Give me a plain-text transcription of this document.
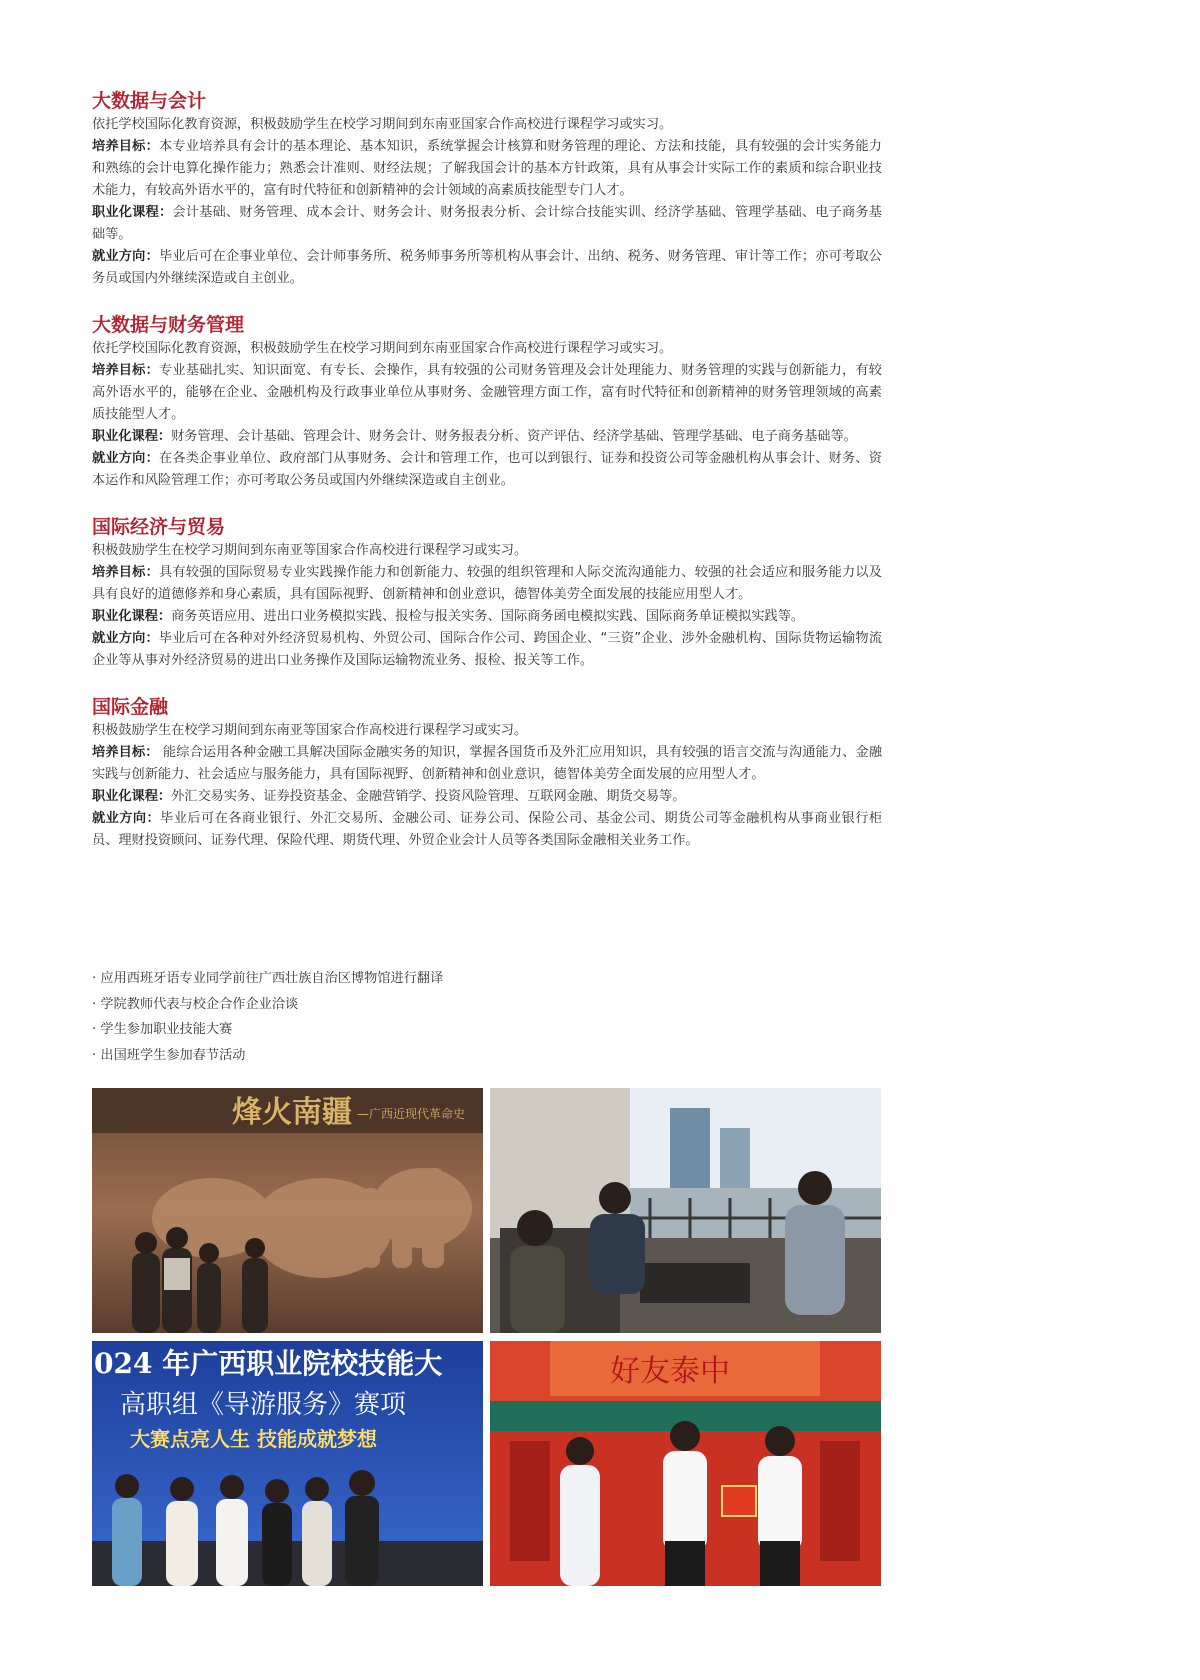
大数据与会计

依托学校国际化教育资源，积极鼓励学生在校学习期间到东南亚国家合作高校进行课程学习或实习。

培养目标：本专业培养具有会计的基本理论、基本知识，系统掌握会计核算和财务管理的理论、方法和技能，具有较强的会计实务能力和熟练的会计电算化操作能力；熟悉会计准则、财经法规；了解我国会计的基本方针政策，具有从事会计实际工作的素质和综合职业技术能力，有较高外语水平的，富有时代特征和创新精神的会计领域的高素质技能型专门人才。

职业化课程：会计基础、财务管理、成本会计、财务会计、财务报表分析、会计综合技能实训、经济学基础、管理学基础、电子商务基础等。

就业方向：毕业后可在企事业单位、会计师事务所、税务师事务所等机构从事会计、出纳、税务、财务管理、审计等工作；亦可考取公务员或国内外继续深造或自主创业。

大数据与财务管理

依托学校国际化教育资源，积极鼓励学生在校学习期间到东南亚国家合作高校进行课程学习或实习。

培养目标：专业基础扎实、知识面宽、有专长、会操作，具有较强的公司财务管理及会计处理能力、财务管理的实践与创新能力，有较高外语水平的，能够在企业、金融机构及行政事业单位从事财务、金融管理方面工作，富有时代特征和创新精神的财务管理领域的高素质技能型人才。

职业化课程：财务管理、会计基础、管理会计、财务会计、财务报表分析、资产评估、经济学基础、管理学基础、电子商务基础等。

就业方向：在各类企事业单位、政府部门从事财务、会计和管理工作，也可以到银行、证券和投资公司等金融机构从事会计、财务、资本运作和风险管理工作；亦可考取公务员或国内外继续深造或自主创业。

国际经济与贸易

积极鼓励学生在校学习期间到东南亚等国家合作高校进行课程学习或实习。

培养目标：具有较强的国际贸易专业实践操作能力和创新能力、较强的组织管理和人际交流沟通能力、较强的社会适应和服务能力以及具有良好的道德修养和身心素质，具有国际视野、创新精神和创业意识，德智体美劳全面发展的技能应用型人才。

职业化课程：商务英语应用、进出口业务模拟实践、报检与报关实务、国际商务函电模拟实践、国际商务单证模拟实践等。

就业方向：毕业后可在各种对外经济贸易机构、外贸公司、国际合作公司、跨国企业、“三资”企业、涉外金融机构、国际货物运输物流企业等从事对外经济贸易的进出口业务操作及国际运输物流业务、报检、报关等工作。

国际金融

积极鼓励学生在校学习期间到东南亚等国家合作高校进行课程学习或实习。

培养目标： 能综合运用各种金融工具解决国际金融实务的知识，掌握各国货币及外汇应用知识，具有较强的语言交流与沟通能力、金融实践与创新能力、社会适应与服务能力，具有国际视野、创新精神和创业意识，德智体美劳全面发展的应用型人才。

职业化课程：外汇交易实务、证券投资基金、金融营销学、投资风险管理、互联网金融、期货交易等。

就业方向：毕业后可在各商业银行、外汇交易所、金融公司、证券公司、保险公司、基金公司、期货公司等金融机构从事商业银行柜员、理财投资顾问、证券代理、保险代理、期货代理、外贸企业会计人员等各类国际金融相关业务工作。

· 应用西班牙语专业同学前往广西壮族自治区博物馆进行翻译

· 学院教师代表与校企合作企业洽谈

· 学生参加职业技能大赛

· 出国班学生参加春节活动

烽火南疆 —广西近现代革命史
024 年广西职业院校技能大
高职组《导游服务》赛项
大赛点亮人生 技能成就梦想
好友泰中
